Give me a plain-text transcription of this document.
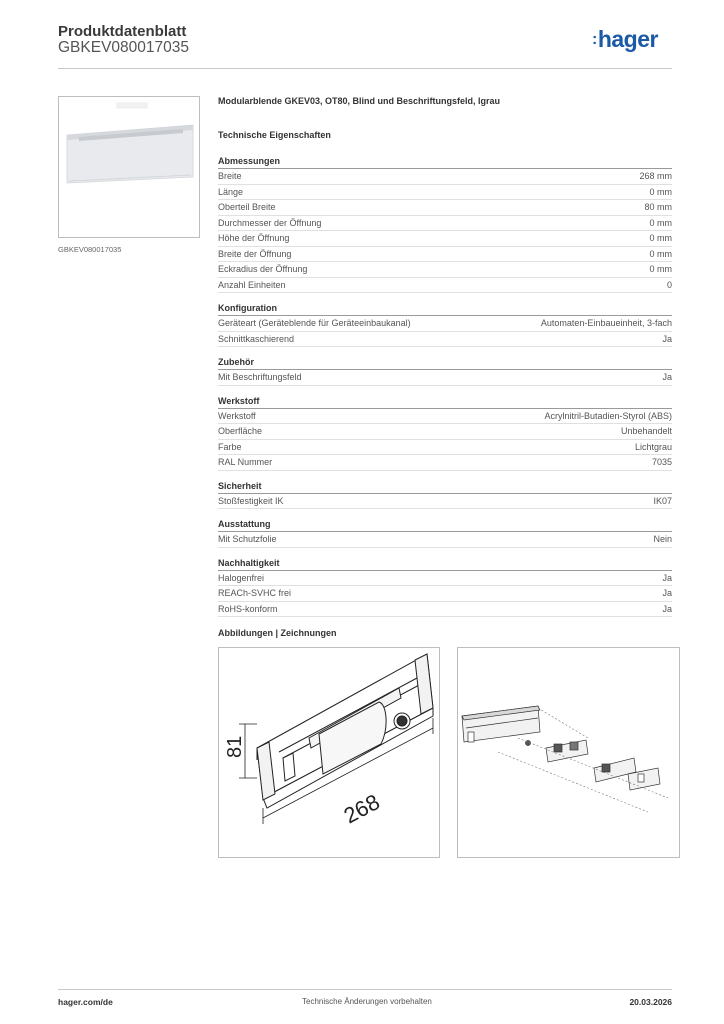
Produktdatenblatt
GBKEV080017035	:hager
GBKEV080017035
Modularblende GKEV03, OT80, Blind und Beschriftungsfeld, lgrau
Technische Eigenschaften
Abmessungen
Breite	268 mm
Länge	0 mm
Oberteil Breite	80 mm
Durchmesser der Öffnung	0 mm
Höhe der Öffnung	0 mm
Breite der Öffnung	0 mm
Eckradius der Öffnung	0 mm
Anzahl Einheiten	0
Konfiguration
Geräteart (Geräteblende für Geräteeinbaukanal)	Automaten-Einbaueinheit, 3-fach
Schnittkaschierend	Ja
Zubehör
Mit Beschriftungsfeld	Ja
Werkstoff
Werkstoff	Acrylnitril-Butadien-Styrol (ABS)
Oberfläche	Unbehandelt
Farbe	Lichtgrau
RAL Nummer	7035
Sicherheit
Stoßfestigkeit IK	IK07
Ausstattung
Mit Schutzfolie	Nein
Nachhaltigkeit
Halogenfrei	Ja
REACh-SVHC frei	Ja
RoHS-konform	Ja
Abbildungen | Zeichnungen
81
268
hager.com/de	Technische Änderungen vorbehalten	20.03.2026
